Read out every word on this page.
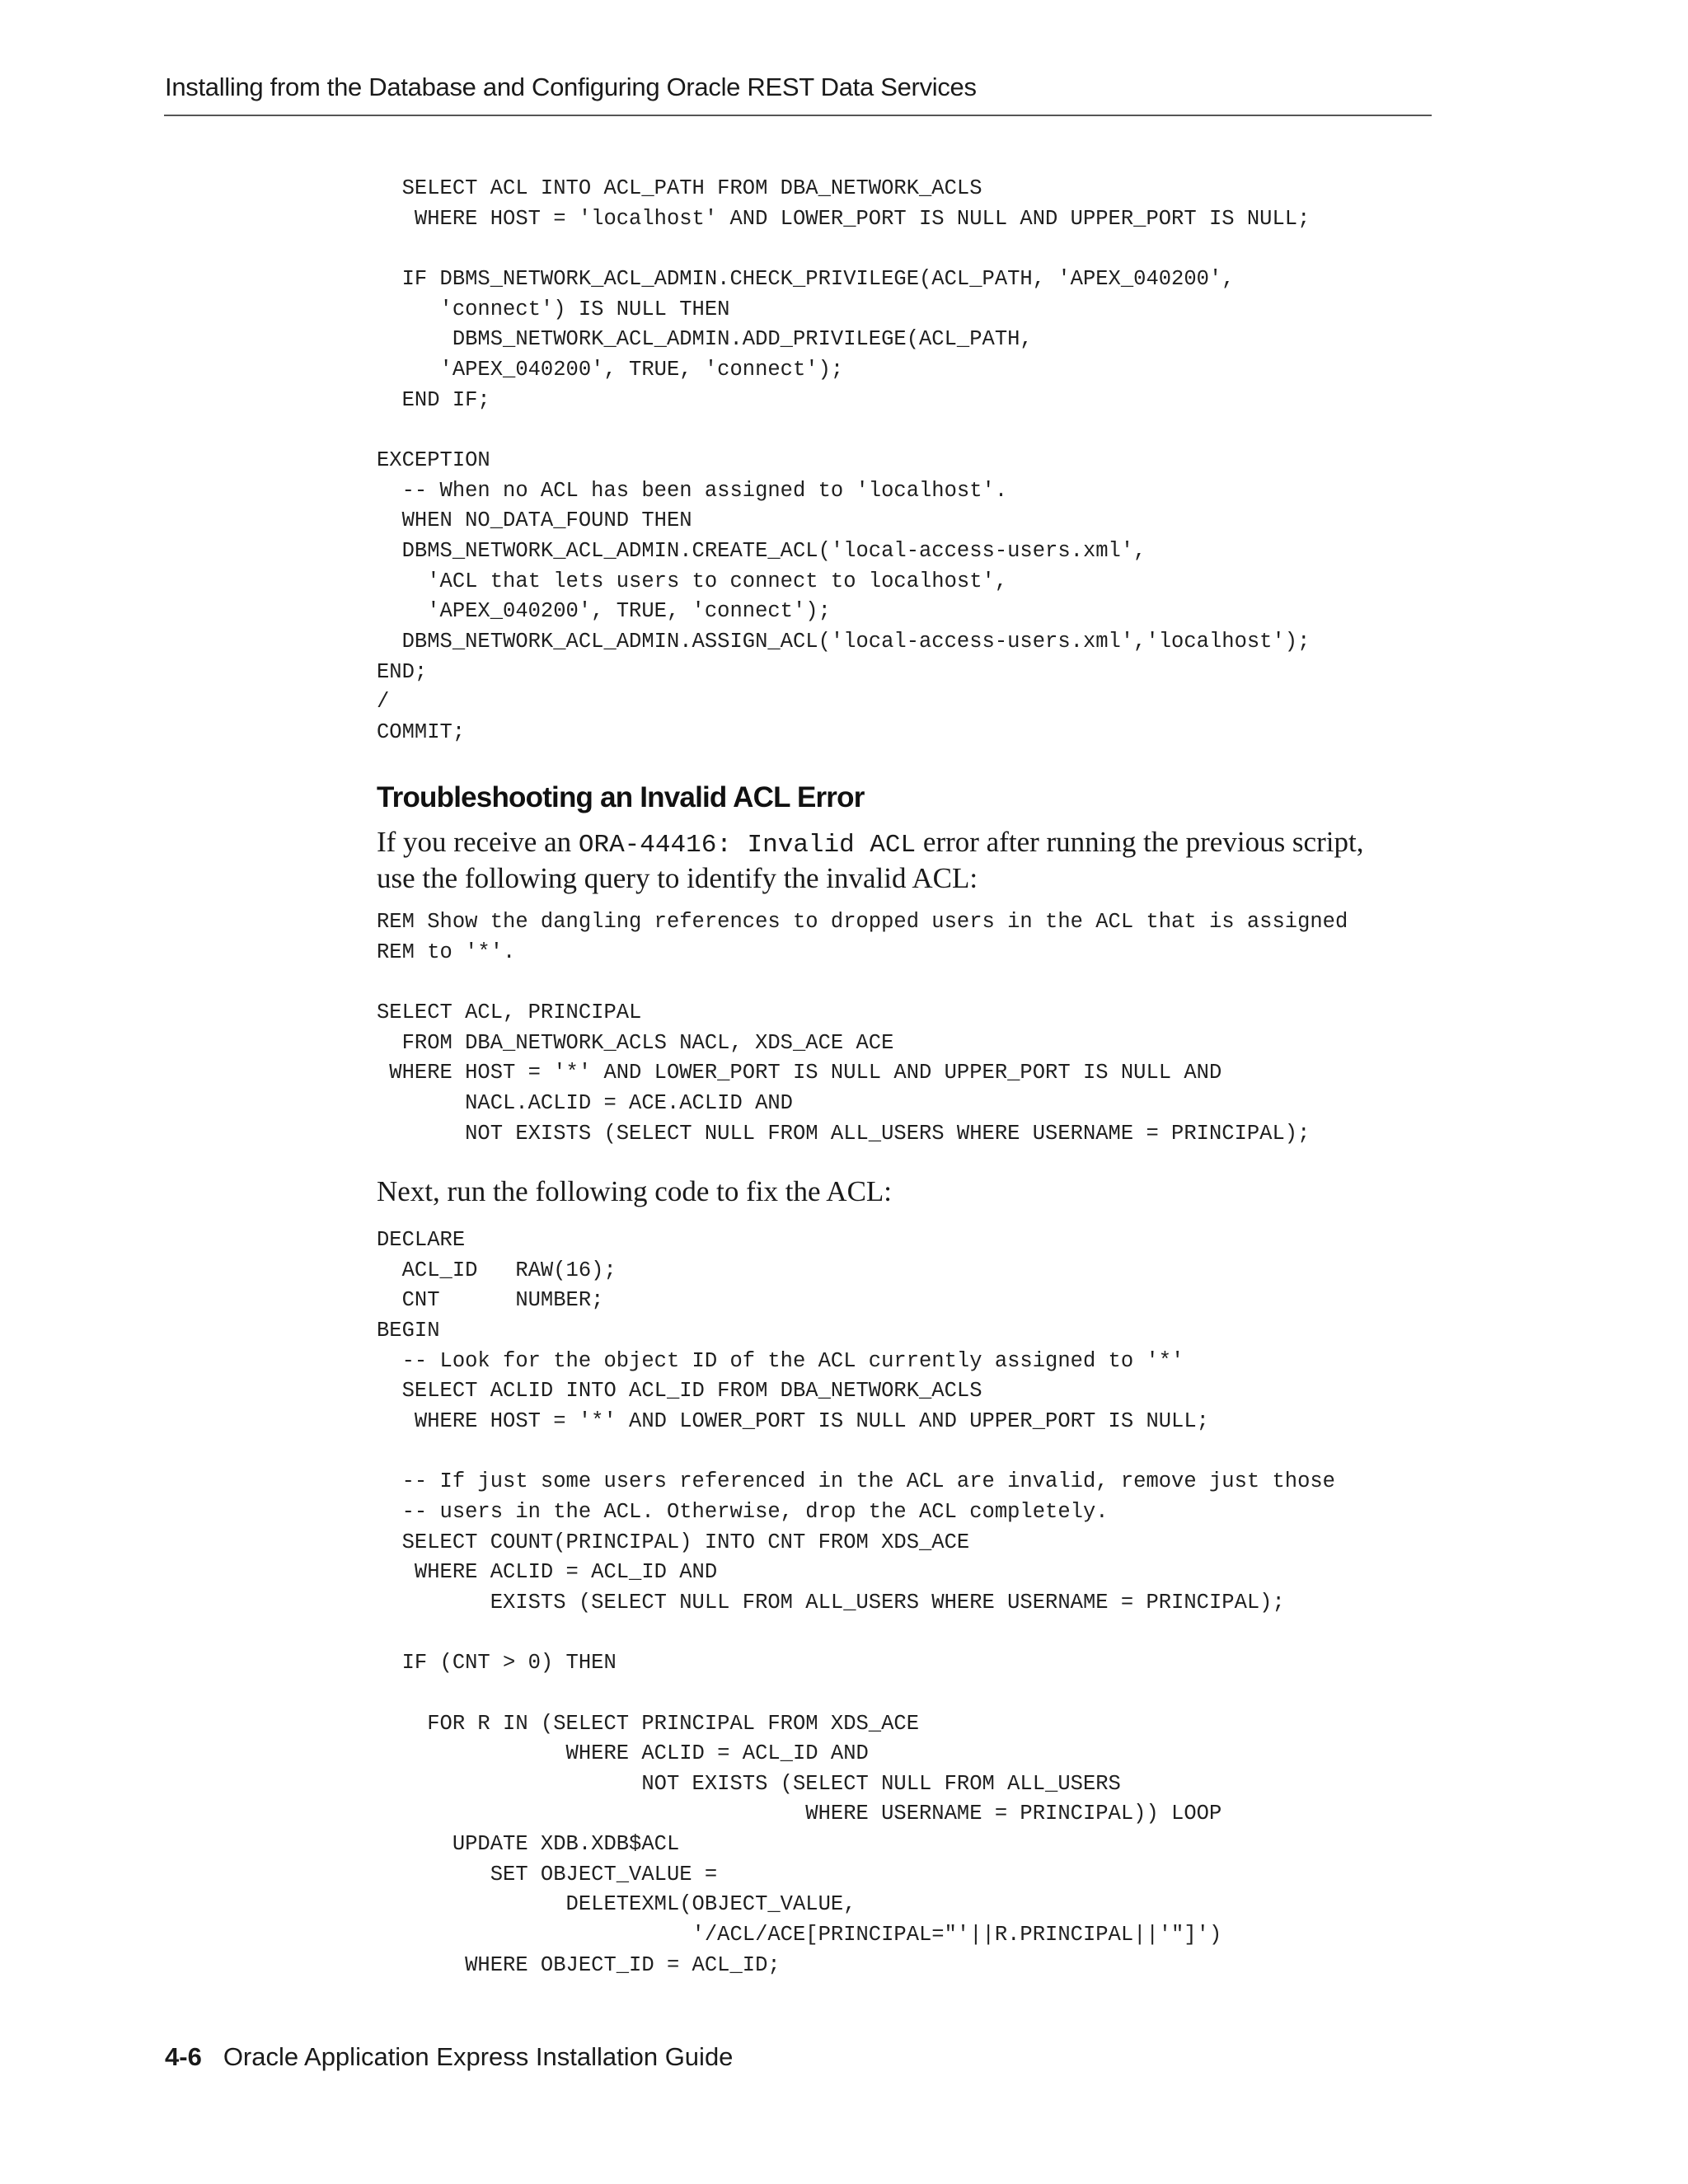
Installing from the Database and Configuring Oracle REST Data Services
SELECT ACL INTO ACL_PATH FROM DBA_NETWORK_ACLS
WHERE HOST = 'localhost' AND LOWER_PORT IS NULL AND UPPER_PORT IS NULL;

IF DBMS_NETWORK_ACL_ADMIN.CHECK_PRIVILEGE(ACL_PATH, 'APEX_040200',
'connect') IS NULL THEN
DBMS_NETWORK_ACL_ADMIN.ADD_PRIVILEGE(ACL_PATH,
'APEX_040200', TRUE, 'connect');
END IF;

EXCEPTION
-- When no ACL has been assigned to 'localhost'.
WHEN NO_DATA_FOUND THEN
DBMS_NETWORK_ACL_ADMIN.CREATE_ACL('local-access-users.xml',
'ACL that lets users to connect to localhost',
'APEX_040200', TRUE, 'connect');
DBMS_NETWORK_ACL_ADMIN.ASSIGN_ACL('local-access-users.xml','localhost');
END;
/
COMMIT;
Troubleshooting an Invalid ACL Error

If you receive an ORA-44416: Invalid ACL error after running the previous script,
use the following query to identify the invalid ACL:

REM Show the dangling references to dropped users in the ACL that is assigned
REM to '*'.

SELECT ACL, PRINCIPAL
FROM DBA_NETWORK_ACLS NACL, XDS_ACE ACE
WHERE HOST = '*' AND LOWER_PORT IS NULL AND UPPER_PORT IS NULL AND
NACL.ACLID = ACE.ACLID AND
NOT EXISTS (SELECT NULL FROM ALL_USERS WHERE USERNAME = PRINCIPAL);

Next, run the following code to fix the ACL:

DECLARE
ACL_ID   RAW(16);
CNT      NUMBER;
BEGIN
-- Look for the object ID of the ACL currently assigned to '*'
SELECT ACLID INTO ACL_ID FROM DBA_NETWORK_ACLS
WHERE HOST = '*' AND LOWER_PORT IS NULL AND UPPER_PORT IS NULL;

-- If just some users referenced in the ACL are invalid, remove just those
-- users in the ACL. Otherwise, drop the ACL completely.
SELECT COUNT(PRINCIPAL) INTO CNT FROM XDS_ACE
WHERE ACLID = ACL_ID AND
EXISTS (SELECT NULL FROM ALL_USERS WHERE USERNAME = PRINCIPAL);

IF (CNT > 0) THEN

FOR R IN (SELECT PRINCIPAL FROM XDS_ACE
WHERE ACLID = ACL_ID AND
NOT EXISTS (SELECT NULL FROM ALL_USERS
WHERE USERNAME = PRINCIPAL)) LOOP
UPDATE XDB.XDB$ACL
SET OBJECT_VALUE =
DELETEXML(OBJECT_VALUE,
'/ACL/ACE[PRINCIPAL="'||R.PRINCIPAL||'"]')
WHERE OBJECT_ID = ACL_ID;
4-6 Oracle Application Express Installation Guide
